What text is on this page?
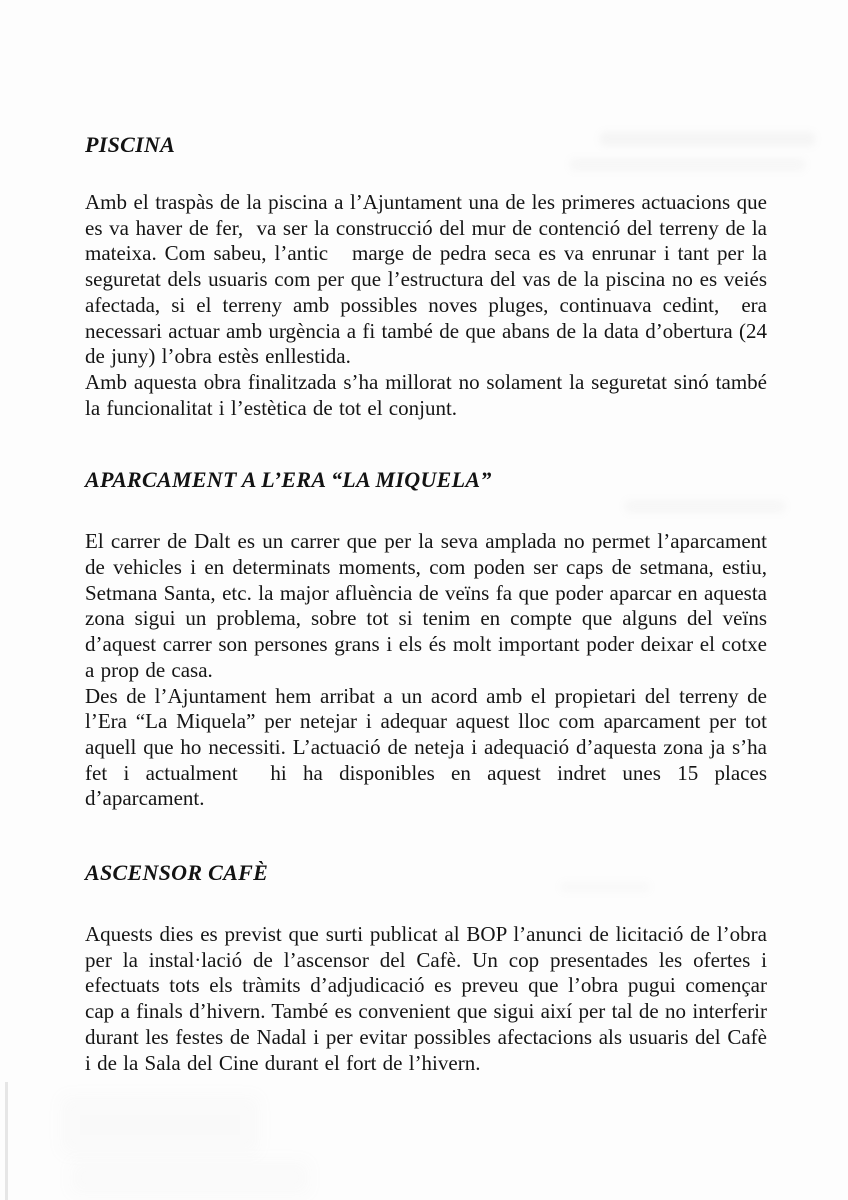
PISCINA

Amb el traspàs de la piscina a l’Ajuntament una de les primeres actuacions que es va haver de fer,  va ser la construcció del mur de contenció del terreny de la mateixa. Com sabeu, l’antic   marge de pedra seca es va enrunar i tant per la seguretat dels usuaris com per que l’estructura del vas de la piscina no es veiés afectada, si el terreny amb possibles noves pluges, continuava cedint,  era necessari actuar amb urgència a fi també de que abans de la data d’obertura (24 de juny) l’obra estès enllestida.

Amb aquesta obra finalitzada s’ha millorat no solament la seguretat sinó també la funcionalitat i l’estètica de tot el conjunt.

APARCAMENT A L’ERA “LA MIQUELA”

El carrer de Dalt es un carrer que per la seva amplada no permet l’aparcament de vehicles i en determinats moments, com poden ser caps de setmana, estiu, Setmana Santa, etc. la major afluència de veïns fa que poder aparcar en aquesta zona sigui un problema, sobre tot si tenim en compte que alguns del veïns d’aquest carrer son persones grans i els és molt important poder deixar el cotxe a prop de casa.

Des de l’Ajuntament hem arribat a un acord amb el propietari del terreny de l’Era “La Miquela” per netejar i adequar aquest lloc com aparcament per tot aquell que ho necessiti. L’actuació de neteja i adequació d’aquesta zona ja s’ha fet i actualment  hi ha disponibles en aquest indret unes 15 places d’aparcament.

ASCENSOR CAFÈ

Aquests dies es previst que surti publicat al BOP l’anunci de licitació de l’obra per la instal·lació de l’ascensor del Cafè. Un cop presentades les ofertes i efectuats tots els tràmits d’adjudicació es preveu que l’obra pugui començar cap a finals d’hivern. També es convenient que sigui així per tal de no interferir durant les festes de Nadal i per evitar possibles afectacions als usuaris del Cafè i de la Sala del Cine durant el fort de l’hivern.
